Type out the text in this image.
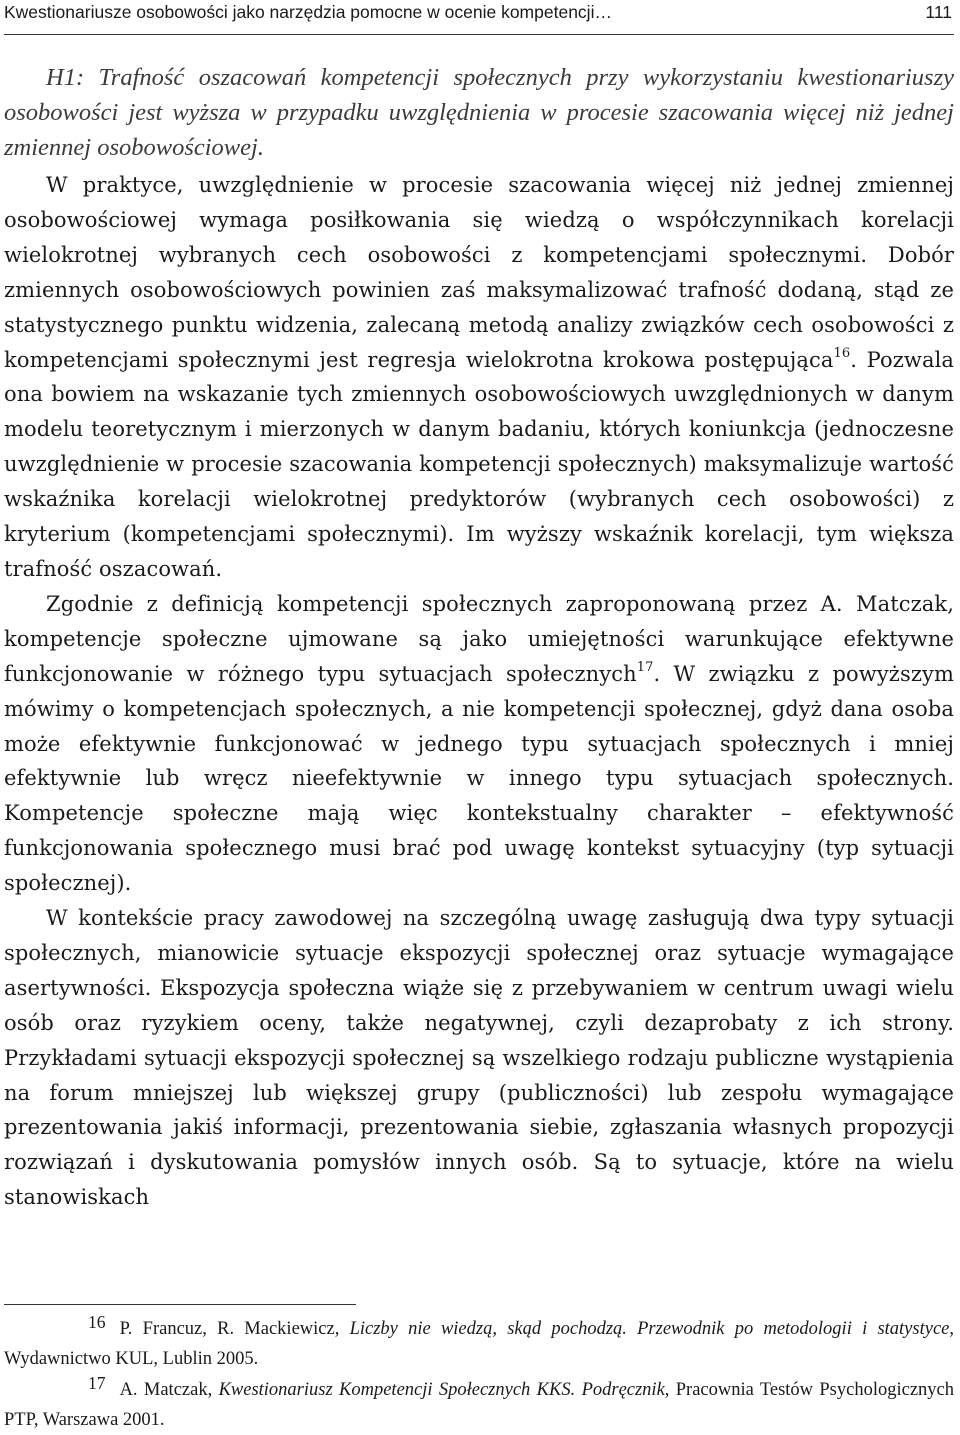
Kwestionariusze osobowości jako narzędzia pomocne w ocenie kompetencji…	111

H1: Trafność oszacowań kompetencji społecznych przy wykorzystaniu kwestionariuszy osobowości jest wyższa w przypadku uwzględnienia w procesie szacowania więcej niż jednej zmiennej osobowościowej.

W praktyce, uwzględnienie w procesie szacowania więcej niż jednej zmiennej osobowościowej wymaga posiłkowania się wiedzą o współczynnikach korelacji wielokrotnej wybranych cech osobowości z kompetencjami społecznymi. Dobór zmiennych osobowościowych powinien zaś maksymalizować trafność dodaną, stąd ze statystycznego punktu widzenia, zalecaną metodą analizy związków cech osobowości z kompetencjami społecznymi jest regresja wielokrotna krokowa postępująca$^{16}$. Pozwala ona bowiem na wskazanie tych zmiennych osobowościowych uwzględnionych w danym modelu teoretycznym i mierzonych w danym badaniu, których koniunkcja (jednoczesne uwzględnienie w procesie szacowania kompetencji społecznych) maksymalizuje wartość wskaźnika korelacji wielokrotnej predyktorów (wybranych cech osobowości) z kryterium (kompetencjami społecznymi). Im wyższy wskaźnik korelacji, tym większa trafność oszacowań.

Zgodnie z definicją kompetencji społecznych zaproponowaną przez A. Matczak, kompetencje społeczne ujmowane są jako umiejętności warunkujące efektywne funkcjonowanie w różnego typu sytuacjach społecznych$^{17}$. W związku z powyższym mówimy o kompetencjach społecznych, a nie kompetencji społecznej, gdyż dana osoba może efektywnie funkcjonować w jednego typu sytuacjach społecznych i mniej efektywnie lub wręcz nieefektywnie w innego typu sytuacjach społecznych. Kompetencje społeczne mają więc kontekstualny charakter – efektywność funkcjonowania społecznego musi brać pod uwagę kontekst sytuacyjny (typ sytuacji społecznej).

W kontekście pracy zawodowej na szczególną uwagę zasługują dwa typy sytuacji społecznych, mianowicie sytuacje ekspozycji społecznej oraz sytuacje wymagające asertywności. Ekspozycja społeczna wiąże się z przebywaniem w centrum uwagi wielu osób oraz ryzykiem oceny, także negatywnej, czyli dezaprobaty z ich strony. Przykładami sytuacji ekspozycji społecznej są wszelkiego rodzaju publiczne wystąpienia na forum mniejszej lub większej grupy (publiczności) lub zespołu wymagające prezentowania jakiś informacji, prezentowania siebie, zgłaszania własnych propozycji rozwiązań i dyskutowania pomysłów innych osób. Są to sytuacje, które na wielu stanowiskach

16 P. Francuz, R. Mackiewicz, Liczby nie wiedzą, skąd pochodzą. Przewodnik po metodologii i statystyce, Wydawnictwo KUL, Lublin 2005.

17 A. Matczak, Kwestionariusz Kompetencji Społecznych KKS. Podręcznik, Pracownia Testów Psychologicznych PTP, Warszawa 2001.
